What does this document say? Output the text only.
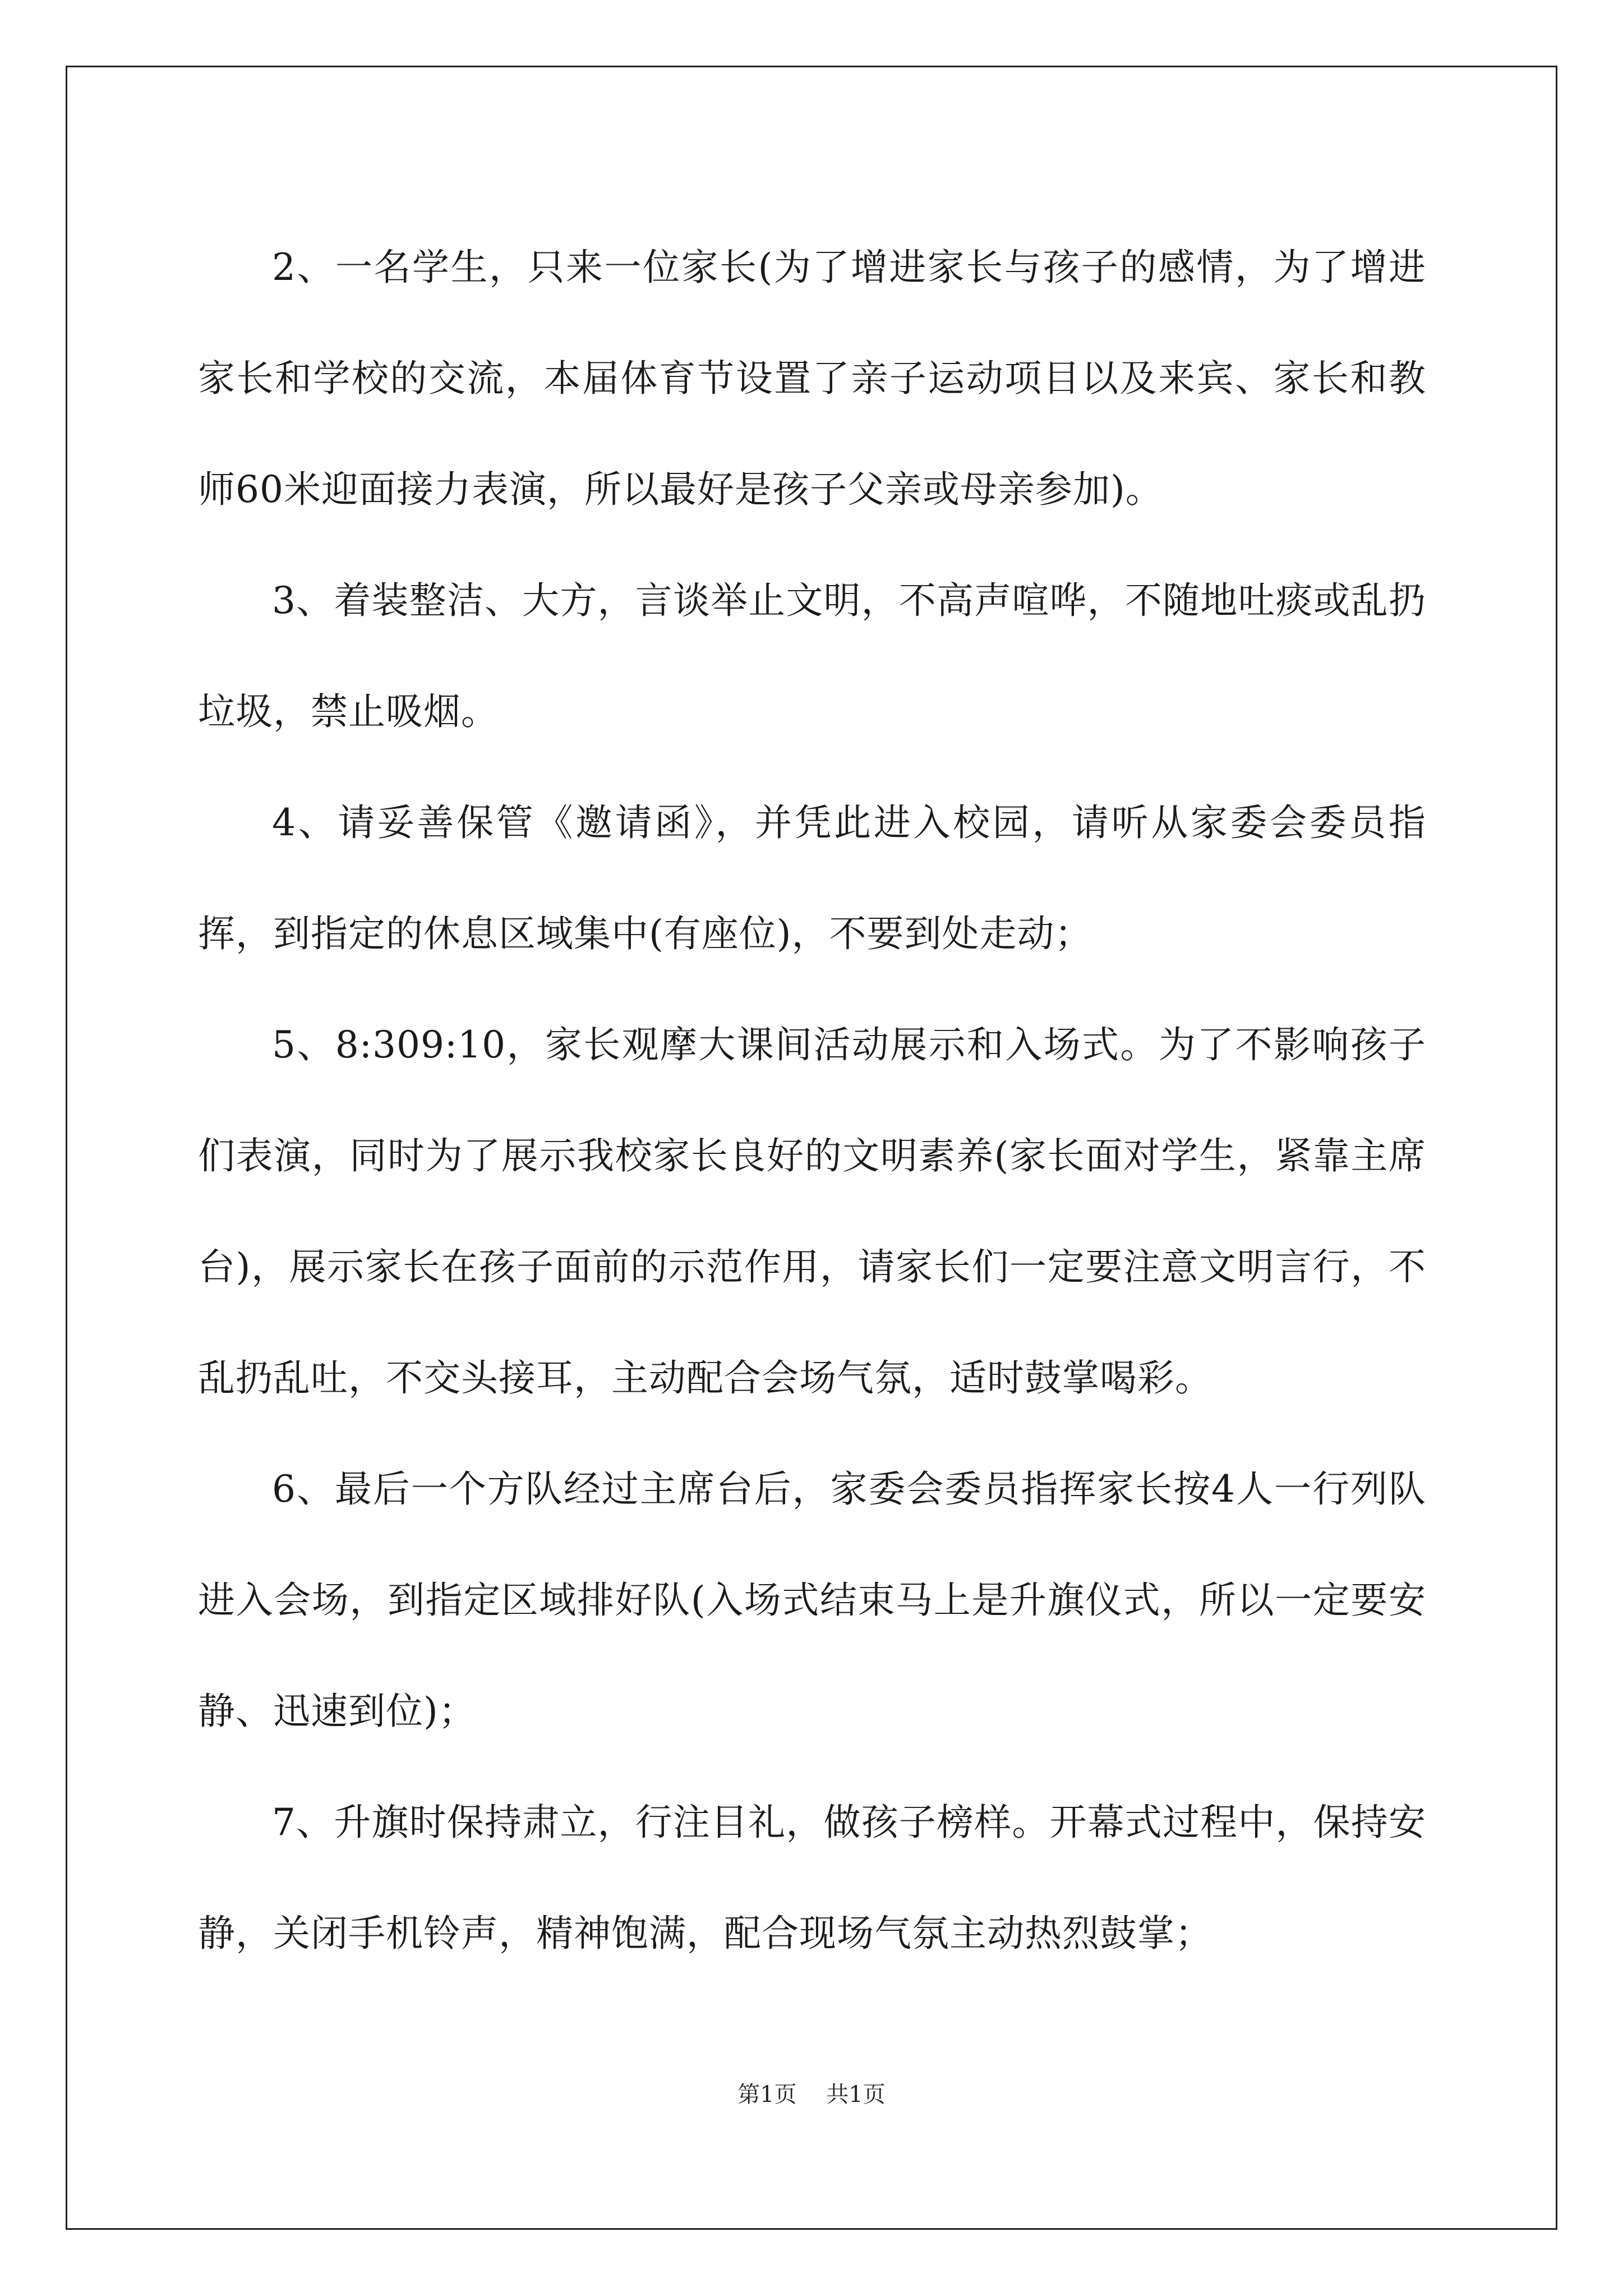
2、一名学生，只来一位家长(为了增进家长与孩子的感情，为了增进家长和学校的交流，本届体育节设置了亲子运动项目以及来宾、家长和教师60米迎面接力表演，所以最好是孩子父亲或母亲参加)。

3、着装整洁、大方，言谈举止文明，不高声喧哗，不随地吐痰或乱扔垃圾，禁止吸烟。

4、请妥善保管《邀请函》，并凭此进入校园，请听从家委会委员指挥，到指定的休息区域集中(有座位)，不要到处走动；

5、8:309:10，家长观摩大课间活动展示和入场式。为了不影响孩子们表演，同时为了展示我校家长良好的文明素养(家长面对学生，紧靠主席台)，展示家长在孩子面前的示范作用，请家长们一定要注意文明言行，不乱扔乱吐，不交头接耳，主动配合会场气氛，适时鼓掌喝彩。

6、最后一个方队经过主席台后，家委会委员指挥家长按4人一行列队进入会场，到指定区域排好队(入场式结束马上是升旗仪式，所以一定要安静、迅速到位)；

7、升旗时保持肃立，行注目礼，做孩子榜样。开幕式过程中，保持安静，关闭手机铃声，精神饱满，配合现场气氛主动热烈鼓掌；

第1页 共1页
